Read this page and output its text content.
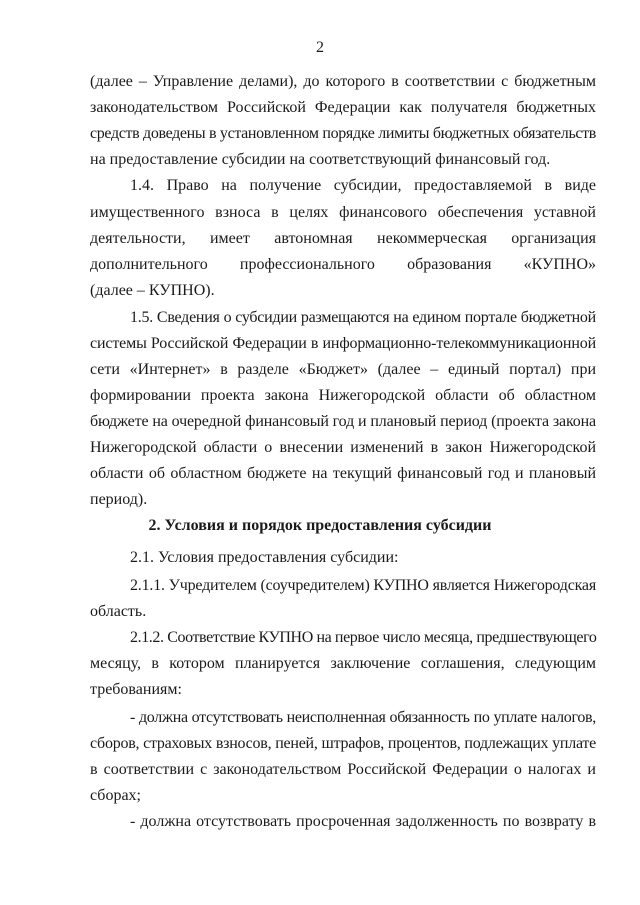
2
(далее – Управление делами), до которого в соответствии с бюджетным
законодательством Российской Федерации как получателя бюджетных
средств доведены в установленном порядке лимиты бюджетных обязательств
на предоставление субсидии на соответствующий финансовый год.
1.4. Право на получение субсидии, предоставляемой в виде
имущественного взноса в целях финансового обеспечения уставной
деятельности, имеет автономная некоммерческая организация
дополнительного профессионального образования «КУПНО»
(далее – КУПНО).
1.5. Сведения о субсидии размещаются на едином портале бюджетной
системы Российской Федерации в информационно-телекоммуникационной
сети «Интернет» в разделе «Бюджет» (далее – единый портал) при
формировании проекта закона Нижегородской области об областном
бюджете на очередной финансовый год и плановый период (проекта закона
Нижегородской области о внесении изменений в закон Нижегородской
области об областном бюджете на текущий финансовый год и плановый
период).
2. Условия и порядок предоставления субсидии
2.1. Условия предоставления субсидии:
2.1.1. Учредителем (соучредителем) КУПНО является Нижегородская
область.
2.1.2. Соответствие КУПНО на первое число месяца, предшествующего
месяцу, в котором планируется заключение соглашения, следующим
требованиям:
- должна отсутствовать неисполненная обязанность по уплате налогов,
сборов, страховых взносов, пеней, штрафов, процентов, подлежащих уплате
в соответствии с законодательством Российской Федерации о налогах и
сборах;
- должна отсутствовать просроченная задолженность по возврату в
